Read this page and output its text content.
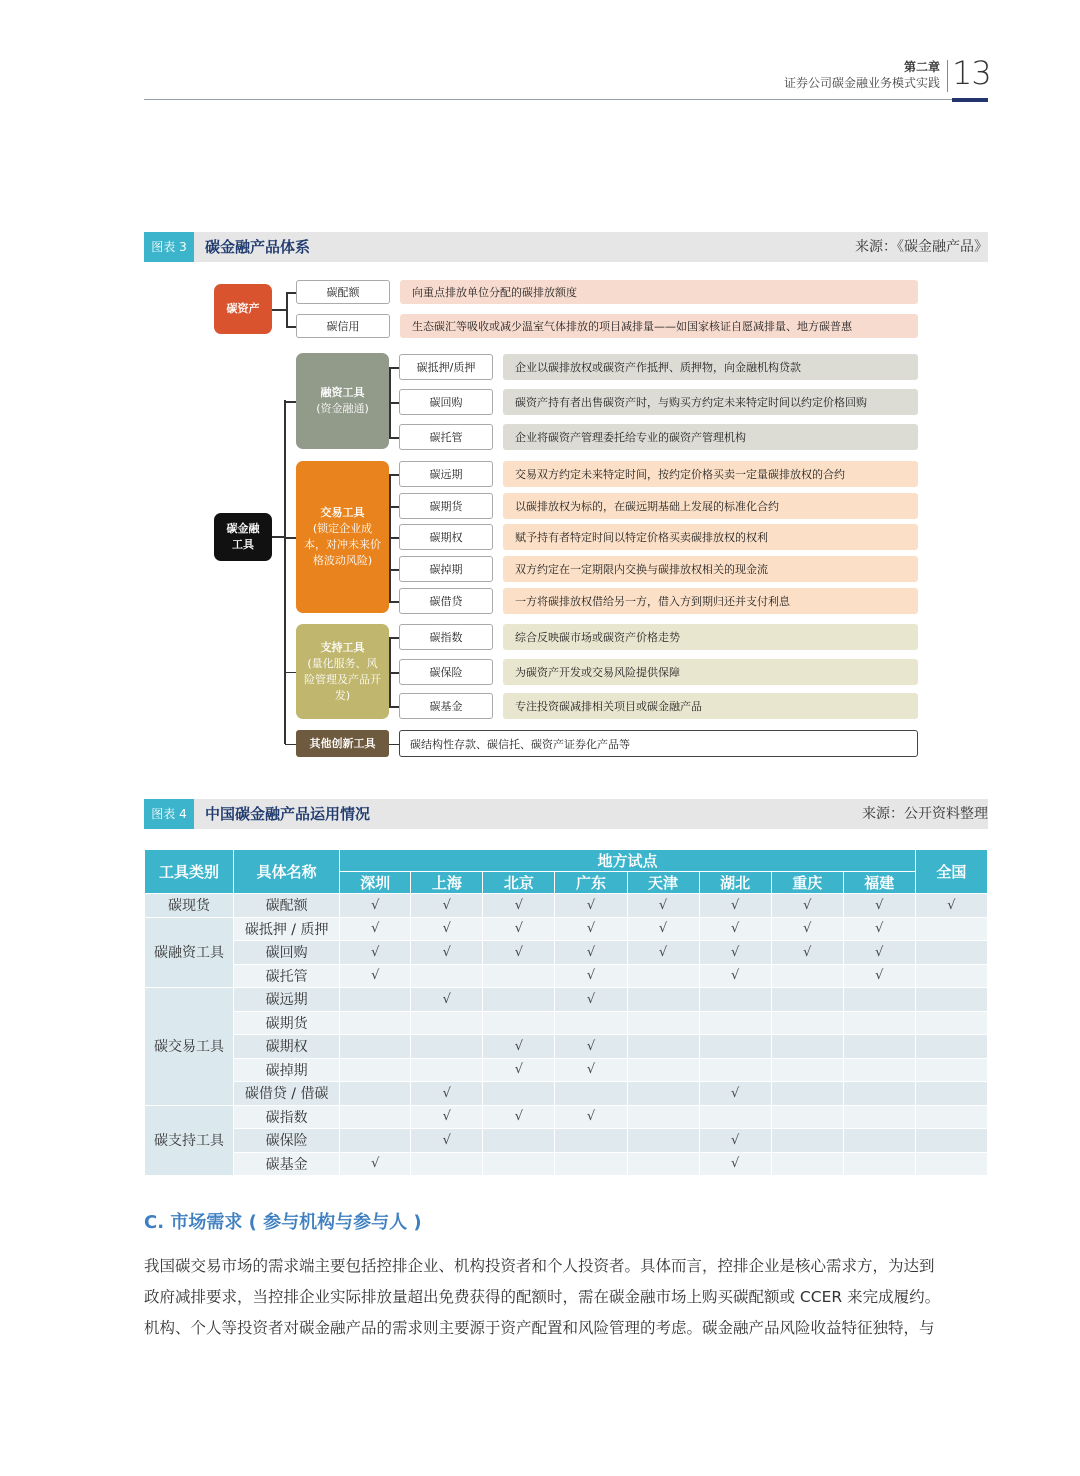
第二章
证券公司碳金融业务模式实践 13
图表 3	碳金融产品体系	来源：《碳金融产品》
碳金融
工具
碳资产
碳配额	向重点排放单位分配的碳排放额度
碳信用	生态碳汇等吸收或减少温室气体排放的项目减排量——如国家核证自愿减排量、地方碳普惠
融资工具
(资金融通)
碳抵押/质押	企业以碳排放权或碳资产作抵押、质押物，向金融机构贷款
碳回购	碳资产持有者出售碳资产时，与购买方约定未来特定时间以约定价格回购
碳托管	企业将碳资产管理委托给专业的碳资产管理机构
交易工具
(锁定企业成本，对冲未来价格波动风险)
碳远期	交易双方约定未来特定时间，按约定价格买卖一定量碳排放权的合约
碳期货	以碳排放权为标的，在碳远期基础上发展的标准化合约
碳期权	赋予持有者特定时间以特定价格买卖碳排放权的权利
碳掉期	双方约定在一定期限内交换与碳排放权相关的现金流
碳借贷	一方将碳排放权借给另一方，借入方到期归还并支付利息
支持工具
(量化服务、风险管理及产品开发)
碳指数	综合反映碳市场或碳资产价格走势
碳保险	为碳资产开发或交易风险提供保障
碳基金	专注投资碳减排相关项目或碳金融产品
其他创新工具	碳结构性存款、碳信托、碳资产证券化产品等
图表 4	中国碳金融产品运用情况	来源：公开资料整理
工具类别	具体名称	地方试点								全国
		深圳	上海	北京	广东	天津	湖北	重庆	福建	
碳现货	碳配额	√	√	√	√	√	√	√	√	√
碳融资工具	碳抵押 / 质押	√	√	√	√	√	√	√	√	
	碳回购	√	√	√	√	√	√	√	√	
	碳托管	√			√		√		√	
碳交易工具	碳远期		√		√					
	碳期货									
	碳期权			√	√					
	碳掉期			√	√					
	碳借贷 / 借碳		√				√			
碳支持工具	碳指数		√	√	√					
	碳保险		√				√			
	碳基金	√					√			
C. 市场需求 ( 参与机构与参与人 )
我国碳交易市场的需求端主要包括控排企业、机构投资者和个人投资者。具体而言，控排企业是核心需求方，为达到
政府减排要求，当控排企业实际排放量超出免费获得的配额时，需在碳金融市场上购买碳配额或 CCER 来完成履约。
机构、个人等投资者对碳金融产品的需求则主要源于资产配置和风险管理的考虑。碳金融产品风险收益特征独特，与
